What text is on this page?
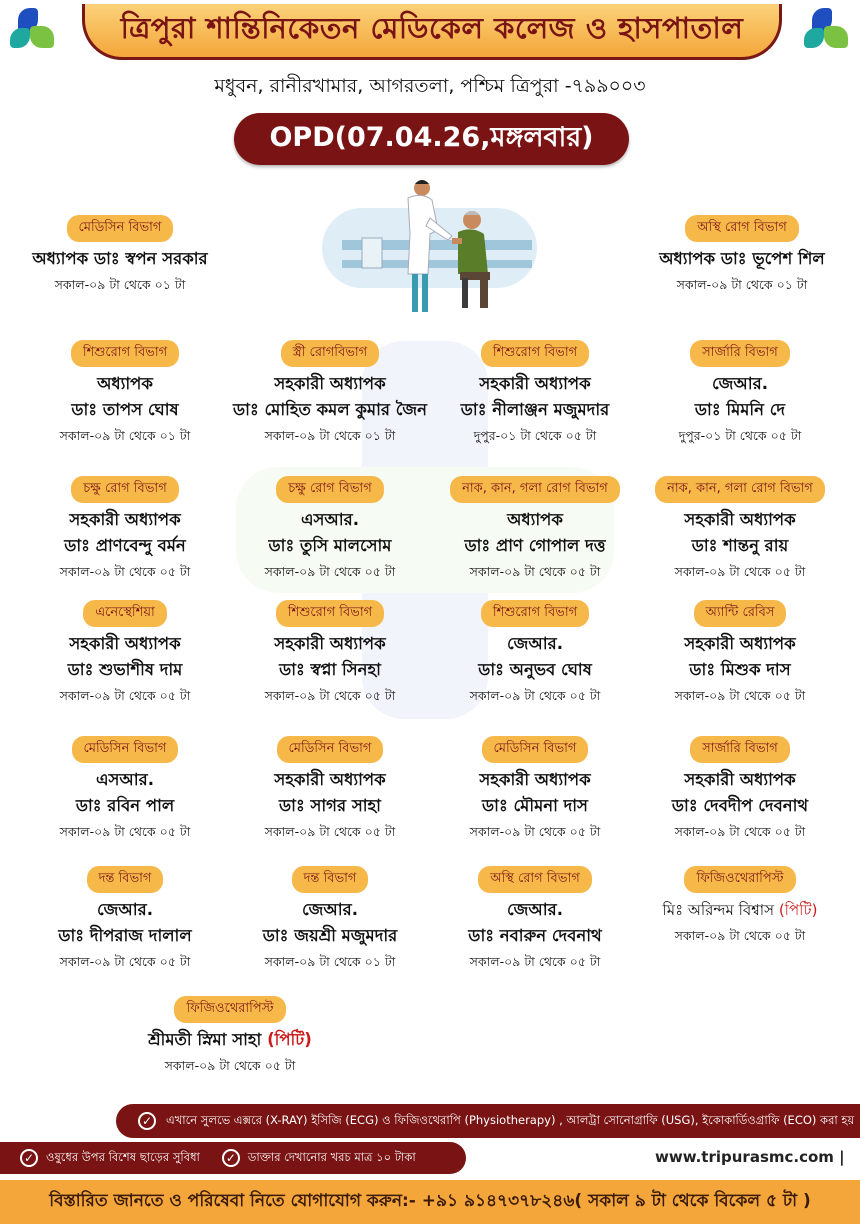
ত্রিপুরা শান্তিনিকেতন মেডিকেল কলেজ ও হাসপাতাল
মধুবন, রানীরখামার, আগরতলা, পশ্চিম ত্রিপুরা -৭৯৯০০৩
OPD(07.04.26,মঙ্গলবার)
মেডিসিন বিভাগ
অধ্যাপক ডাঃ স্বপন সরকার
সকাল-০৯ টা থেকে ০১ টা
অস্থি রোগ বিভাগ
অধ্যাপক ডাঃ ভূপেশ শিল
সকাল-০৯ টা থেকে ০১ টা
শিশুরোগ বিভাগ
অধ্যাপক
ডাঃ তাপস ঘোষ
সকাল-০৯ টা থেকে ০১ টা
স্ত্রী রোগবিভাগ
সহকারী অধ্যাপক
ডাঃ মোহিত কমল কুমার জৈন
সকাল-০৯ টা থেকে ০১ টা
শিশুরোগ বিভাগ
সহকারী অধ্যাপক
ডাঃ নীলাঞ্জন মজুমদার
দুপুর-০১ টা থেকে ০৫ টা
সার্জারি বিভাগ
জেআর.
ডাঃ মিমনি দে
দুপুর-০১ টা থেকে ০৫ টা
চক্ষু রোগ বিভাগ
সহকারী অধ্যাপক
ডাঃ প্রাণবেন্দু বর্মন
সকাল-০৯ টা থেকে ০৫ টা
চক্ষু রোগ বিভাগ
এসআর.
ডাঃ তুসি মালসোম
সকাল-০৯ টা থেকে ০৫ টা
নাক, কান, গলা রোগ বিভাগ
অধ্যাপক
ডাঃ প্রাণ গোপাল দত্ত
সকাল-০৯ টা থেকে ০৫ টা
নাক, কান, গলা রোগ বিভাগ
সহকারী অধ্যাপক
ডাঃ শান্তনু রায়
সকাল-০৯ টা থেকে ০৫ টা
এনেস্থেশিয়া
সহকারী অধ্যাপক
ডাঃ শুভাশীষ দাম
সকাল-০৯ টা থেকে ০৫ টা
শিশুরোগ বিভাগ
সহকারী অধ্যাপক
ডাঃ স্বপ্না সিনহা
সকাল-০৯ টা থেকে ০৫ টা
শিশুরোগ বিভাগ
জেআর.
ডাঃ অনুভব ঘোষ
সকাল-০৯ টা থেকে ০৫ টা
অ্যান্টি রেবিস
সহকারী অধ্যাপক
ডাঃ মিশুক দাস
সকাল-০৯ টা থেকে ০৫ টা
মেডিসিন বিভাগ
এসআর.
ডাঃ রবিন পাল
সকাল-০৯ টা থেকে ০৫ টা
মেডিসিন বিভাগ
সহকারী অধ্যাপক
ডাঃ সাগর সাহা
সকাল-০৯ টা থেকে ০৫ টা
মেডিসিন বিভাগ
সহকারী অধ্যাপক
ডাঃ মৌমনা দাস
সকাল-০৯ টা থেকে ০৫ টা
সার্জারি বিভাগ
সহকারী অধ্যাপক
ডাঃ দেবদীপ দেবনাথ
সকাল-০৯ টা থেকে ০৫ টা
দন্ত বিভাগ
জেআর.
ডাঃ দীপরাজ দালাল
সকাল-০৯ টা থেকে ০৫ টা
দন্ত বিভাগ
জেআর.
ডাঃ জয়শ্রী মজুমদার
সকাল-০৯ টা থেকে ০১ টা
অস্থি রোগ বিভাগ
জেআর.
ডাঃ নবারুন দেবনাথ
সকাল-০৯ টা থেকে ০৫ টা
ফিজিওথেরাপিস্ট
মিঃ অরিন্দম বিশ্বাস (পিটি)
সকাল-০৯ টা থেকে ০৫ টা
ফিজিওথেরাপিস্ট
শ্রীমতী স্নিমা সাহা (পিটি)
সকাল-০৯ টা থেকে ০৫ টা
✓	এখানে সুলভে এক্সরে (X-RAY) ইসিজি (ECG) ও ফিজিওথেরাপি (Physiotherapy) , আলট্রা সোনোগ্রাফি (USG), ইকোকার্ডিওগ্রাফি (ECO) করা হয়
✓	ওষুধের উপর বিশেষ ছাড়ের সুবিধা	✓	ডাক্তার দেখানোর খরচ মাত্র ১০ টাকা	www.tripurasmc.com |
বিস্তারিত জানতে ও পরিষেবা নিতে যোগাযোগ করুন:- +৯১ ৯১৪৭৩৭৮২৪৬( সকাল ৯ টা থেকে বিকেল ৫ টা )
